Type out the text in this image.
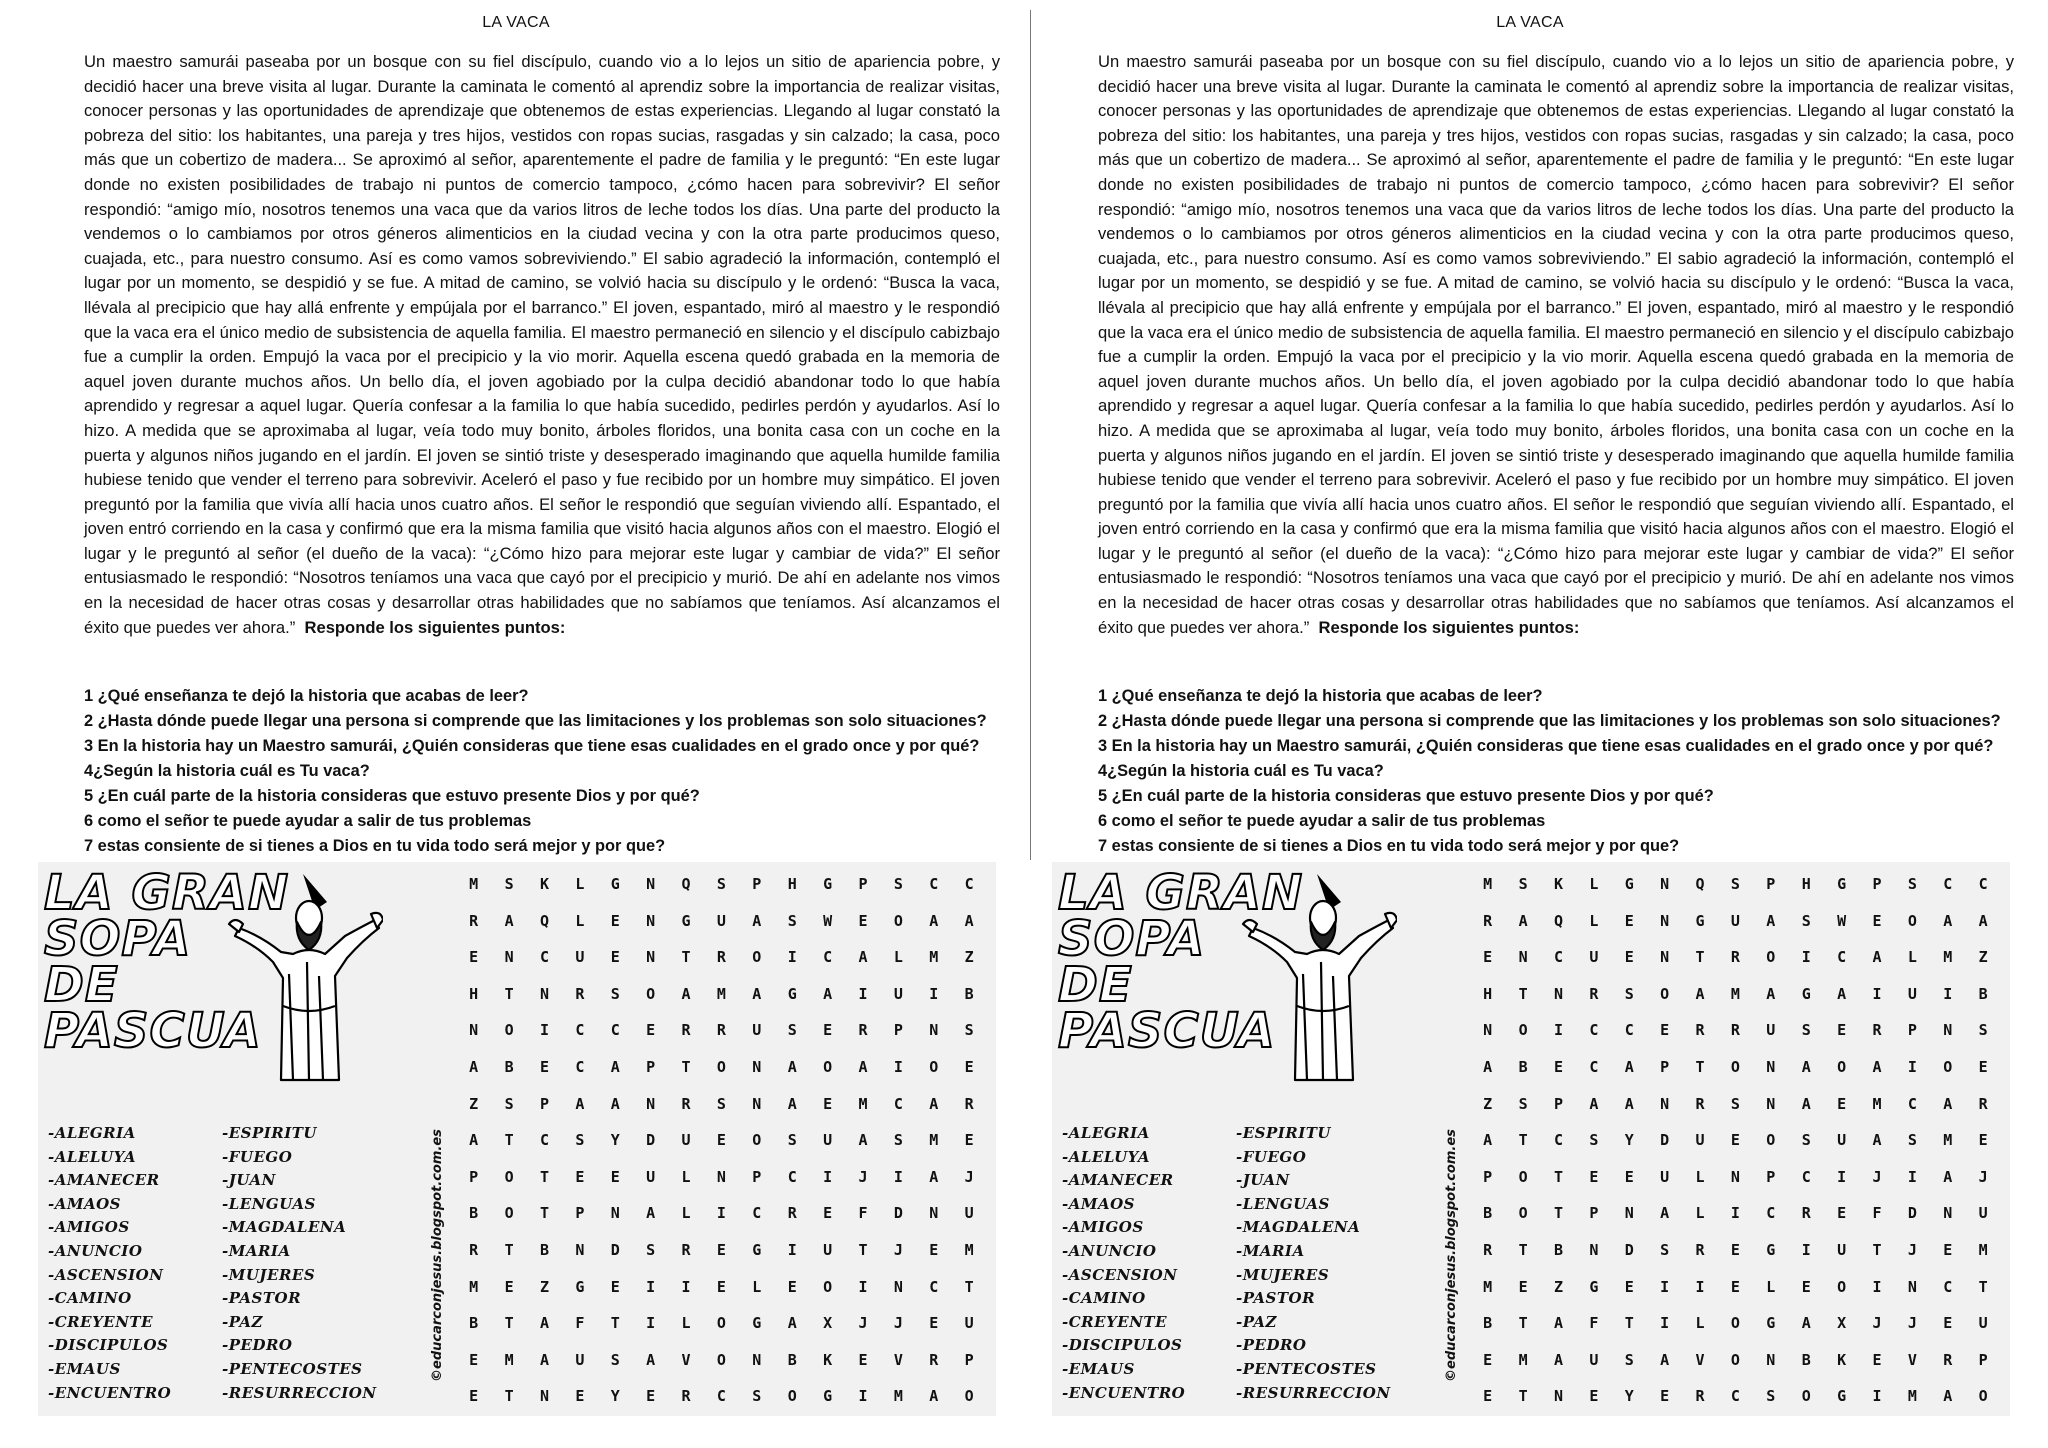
LA VACA

Un maestro samurái paseaba por un bosque con su fiel discípulo, cuando vio a lo lejos un sitio de apariencia pobre, y decidió hacer una breve visita al lugar. Durante la caminata le comentó al aprendiz sobre la importancia de realizar visitas, conocer personas y las oportunidades de aprendizaje que obtenemos de estas experiencias. Llegando al lugar constató la pobreza del sitio: los habitantes, una pareja y tres hijos, vestidos con ropas sucias, rasgadas y sin calzado; la casa, poco más que un cobertizo de madera... Se aproximó al señor, aparentemente el padre de familia y le preguntó: “En este lugar donde no existen posibilidades de trabajo ni puntos de comercio tampoco, ¿cómo hacen para sobrevivir? El señor respondió: “amigo mío, nosotros tenemos una vaca que da varios litros de leche todos los días. Una parte del producto la vendemos o lo cambiamos por otros géneros alimenticios en la ciudad vecina y con la otra parte producimos queso, cuajada, etc., para nuestro consumo. Así es como vamos sobreviviendo.” El sabio agradeció la información, contempló el lugar por un momento, se despidió y se fue. A mitad de camino, se volvió hacia su discípulo y le ordenó: “Busca la vaca, llévala al precipicio que hay allá enfrente y empújala por el barranco.” El joven, espantado, miró al maestro y le respondió que la vaca era el único medio de subsistencia de aquella familia. El maestro permaneció en silencio y el discípulo cabizbajo fue a cumplir la orden. Empujó la vaca por el precipicio y la vio morir. Aquella escena quedó grabada en la memoria de aquel joven durante muchos años. Un bello día, el joven agobiado por la culpa decidió abandonar todo lo que había aprendido y regresar a aquel lugar. Quería confesar a la familia lo que había sucedido, pedirles perdón y ayudarlos. Así lo hizo. A medida que se aproximaba al lugar, veía todo muy bonito, árboles floridos, una bonita casa con un coche en la puerta y algunos niños jugando en el jardín. El joven se sintió triste y desesperado imaginando que aquella humilde familia hubiese tenido que vender el terreno para sobrevivir. Aceleró el paso y fue recibido por un hombre muy simpático. El joven preguntó por la familia que vivía allí hacia unos cuatro años. El señor le respondió que seguían viviendo allí. Espantado, el joven entró corriendo en la casa y confirmó que era la misma familia que visitó hacia algunos años con el maestro. Elogió el lugar y le preguntó al señor (el dueño de la vaca): “¿Cómo hizo para mejorar este lugar y cambiar de vida?” El señor entusiasmado le respondió: “Nosotros teníamos una vaca que cayó por el precipicio y murió. De ahí en adelante nos vimos en la necesidad de hacer otras cosas y desarrollar otras habilidades que no sabíamos que teníamos. Así alcanzamos el éxito que puedes ver ahora.” Responde los siguientes puntos:

1 ¿Qué enseñanza te dejó la historia que acabas de leer?
2 ¿Hasta dónde puede llegar una persona si comprende que las limitaciones y los problemas son solo situaciones?
3 En la historia hay un Maestro samurái, ¿Quién consideras que tiene esas cualidades en el grado once y por qué?
4¿Según la historia cuál es Tu vaca?
5 ¿En cuál parte de la historia consideras que estuvo presente Dios y por qué?
6 como el señor te puede ayudar a salir de tus problemas
7 estas consiente de si tienes a Dios en tu vida todo será mejor y por que?
LA GRAN
SOPA
DE
PASCUA
-ALEGRIA
-ALELUYA
-AMANECER
-AMAOS
-AMIGOS
-ANUNCIO
-ASCENSION
-CAMINO
-CREYENTE
-DISCIPULOS
-EMAUS
-ENCUENTRO
-ESPIRITU
-FUEGO
-JUAN
-LENGUAS
-MAGDALENA
-MARIA
-MUJERES
-PASTOR
-PAZ
-PEDRO
-PENTECOSTES
-RESURRECCION
©educarconjesus.blogspot.com.es
M	S	K	L	G	N	Q	S	P	H	G	P	S	C	C
R	A	Q	L	E	N	G	U	A	S	W	E	O	A	A
E	N	C	U	E	N	T	R	O	I	C	A	L	M	Z
H	T	N	R	S	O	A	M	A	G	A	I	U	I	B
N	O	I	C	C	E	R	R	U	S	E	R	P	N	S
A	B	E	C	A	P	T	O	N	A	O	A	I	O	E
Z	S	P	A	A	N	R	S	N	A	E	M	C	A	R
A	T	C	S	Y	D	U	E	O	S	U	A	S	M	E
P	O	T	E	E	U	L	N	P	C	I	J	I	A	J
B	O	T	P	N	A	L	I	C	R	E	F	D	N	U
R	T	B	N	D	S	R	E	G	I	U	T	J	E	M
M	E	Z	G	E	I	I	E	L	E	O	I	N	C	T
B	T	A	F	T	I	L	O	G	A	X	J	J	E	U
E	M	A	U	S	A	V	O	N	B	K	E	V	R	P
E	T	N	E	Y	E	R	C	S	O	G	I	M	A	O
LA VACA

Un maestro samurái paseaba por un bosque con su fiel discípulo, cuando vio a lo lejos un sitio de apariencia pobre, y decidió hacer una breve visita al lugar. Durante la caminata le comentó al aprendiz sobre la importancia de realizar visitas, conocer personas y las oportunidades de aprendizaje que obtenemos de estas experiencias. Llegando al lugar constató la pobreza del sitio: los habitantes, una pareja y tres hijos, vestidos con ropas sucias, rasgadas y sin calzado; la casa, poco más que un cobertizo de madera... Se aproximó al señor, aparentemente el padre de familia y le preguntó: “En este lugar donde no existen posibilidades de trabajo ni puntos de comercio tampoco, ¿cómo hacen para sobrevivir? El señor respondió: “amigo mío, nosotros tenemos una vaca que da varios litros de leche todos los días. Una parte del producto la vendemos o lo cambiamos por otros géneros alimenticios en la ciudad vecina y con la otra parte producimos queso, cuajada, etc., para nuestro consumo. Así es como vamos sobreviviendo.” El sabio agradeció la información, contempló el lugar por un momento, se despidió y se fue. A mitad de camino, se volvió hacia su discípulo y le ordenó: “Busca la vaca, llévala al precipicio que hay allá enfrente y empújala por el barranco.” El joven, espantado, miró al maestro y le respondió que la vaca era el único medio de subsistencia de aquella familia. El maestro permaneció en silencio y el discípulo cabizbajo fue a cumplir la orden. Empujó la vaca por el precipicio y la vio morir. Aquella escena quedó grabada en la memoria de aquel joven durante muchos años. Un bello día, el joven agobiado por la culpa decidió abandonar todo lo que había aprendido y regresar a aquel lugar. Quería confesar a la familia lo que había sucedido, pedirles perdón y ayudarlos. Así lo hizo. A medida que se aproximaba al lugar, veía todo muy bonito, árboles floridos, una bonita casa con un coche en la puerta y algunos niños jugando en el jardín. El joven se sintió triste y desesperado imaginando que aquella humilde familia hubiese tenido que vender el terreno para sobrevivir. Aceleró el paso y fue recibido por un hombre muy simpático. El joven preguntó por la familia que vivía allí hacia unos cuatro años. El señor le respondió que seguían viviendo allí. Espantado, el joven entró corriendo en la casa y confirmó que era la misma familia que visitó hacia algunos años con el maestro. Elogió el lugar y le preguntó al señor (el dueño de la vaca): “¿Cómo hizo para mejorar este lugar y cambiar de vida?” El señor entusiasmado le respondió: “Nosotros teníamos una vaca que cayó por el precipicio y murió. De ahí en adelante nos vimos en la necesidad de hacer otras cosas y desarrollar otras habilidades que no sabíamos que teníamos. Así alcanzamos el éxito que puedes ver ahora.” Responde los siguientes puntos:

1 ¿Qué enseñanza te dejó la historia que acabas de leer?
2 ¿Hasta dónde puede llegar una persona si comprende que las limitaciones y los problemas son solo situaciones?
3 En la historia hay un Maestro samurái, ¿Quién consideras que tiene esas cualidades en el grado once y por qué?
4¿Según la historia cuál es Tu vaca?
5 ¿En cuál parte de la historia consideras que estuvo presente Dios y por qué?
6 como el señor te puede ayudar a salir de tus problemas
7 estas consiente de si tienes a Dios en tu vida todo será mejor y por que?
LA GRAN
SOPA
DE
PASCUA
-ALEGRIA
-ALELUYA
-AMANECER
-AMAOS
-AMIGOS
-ANUNCIO
-ASCENSION
-CAMINO
-CREYENTE
-DISCIPULOS
-EMAUS
-ENCUENTRO
-ESPIRITU
-FUEGO
-JUAN
-LENGUAS
-MAGDALENA
-MARIA
-MUJERES
-PASTOR
-PAZ
-PEDRO
-PENTECOSTES
-RESURRECCION
©educarconjesus.blogspot.com.es
M	S	K	L	G	N	Q	S	P	H	G	P	S	C	C
R	A	Q	L	E	N	G	U	A	S	W	E	O	A	A
E	N	C	U	E	N	T	R	O	I	C	A	L	M	Z
H	T	N	R	S	O	A	M	A	G	A	I	U	I	B
N	O	I	C	C	E	R	R	U	S	E	R	P	N	S
A	B	E	C	A	P	T	O	N	A	O	A	I	O	E
Z	S	P	A	A	N	R	S	N	A	E	M	C	A	R
A	T	C	S	Y	D	U	E	O	S	U	A	S	M	E
P	O	T	E	E	U	L	N	P	C	I	J	I	A	J
B	O	T	P	N	A	L	I	C	R	E	F	D	N	U
R	T	B	N	D	S	R	E	G	I	U	T	J	E	M
M	E	Z	G	E	I	I	E	L	E	O	I	N	C	T
B	T	A	F	T	I	L	O	G	A	X	J	J	E	U
E	M	A	U	S	A	V	O	N	B	K	E	V	R	P
E	T	N	E	Y	E	R	C	S	O	G	I	M	A	O
